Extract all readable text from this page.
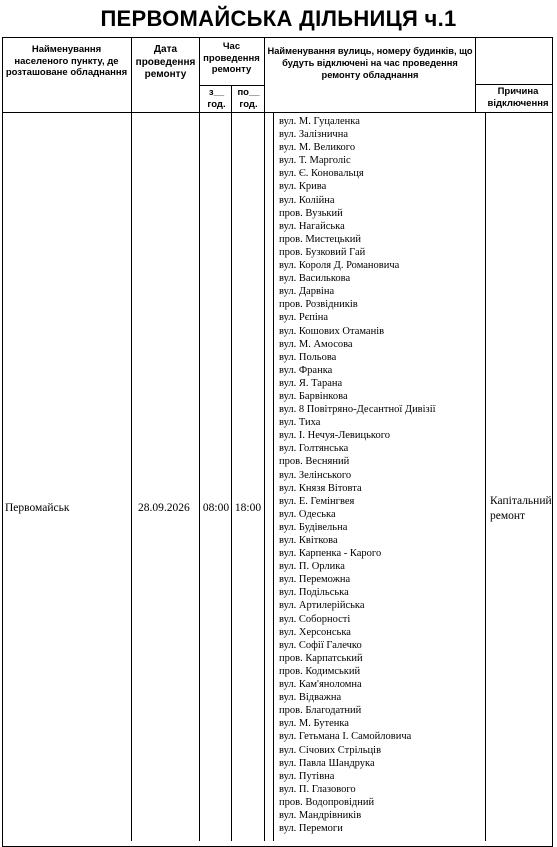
ПЕРВОМАЙСЬКА ДІЛЬНИЦЯ ч.1
Найменування населеного пункту, де розташоване обладнання
Дата проведення ремонту
Час проведення ремонту
з__ год.
по__ год.
Найменування вулиць, номеру будинків, що будуть відключені на час проведення ремонту обладнання
Причина відключення
Первомайськ	28.09.2026 08:00 18:00
Капітальний ремонт
вул. М. Гуцаленка
вул. Залізнична
вул. М. Великого
вул. Т. Марголіс
вул. Є. Коновальця
вул. Крива
вул. Колійна
пров. Вузький
вул. Нагайська
пров. Мистецький
пров. Бузковий Гай
вул. Короля Д. Романовича
вул. Василькова
вул. Дарвіна
пров. Розвідників
вул. Рєпіна
вул. Кошових Отаманів
вул. М. Амосова
вул. Польова
вул. Франка
вул. Я. Тарана
вул. Барвінкова
вул. 8 Повітряно-Десантної Дивізії
вул. Тиха
вул. І. Нечуя-Левицького
вул. Голтянська
пров. Весняний
вул. Зелінського
вул. Князя Вітовта
вул. Е. Гемінгвея
вул. Одеська
вул. Будівельна
вул. Квіткова
вул. Карпенка - Карого
вул. П. Орлика
вул. Переможна
вул. Подільська
вул. Артилерійська
вул. Соборності
вул. Херсонська
вул. Софії Галечко
пров. Карпатський
пров. Кодимський
вул. Кам'яноломна
вул. Відважна
пров. Благодатний
вул. М. Бутенка
вул. Гетьмана І. Самойловича
вул. Січових Стрільців
вул. Павла Шандрука
вул. Путівна
вул. П. Глазового
пров. Водопровідний
вул. Мандрівників
вул. Перемоги
